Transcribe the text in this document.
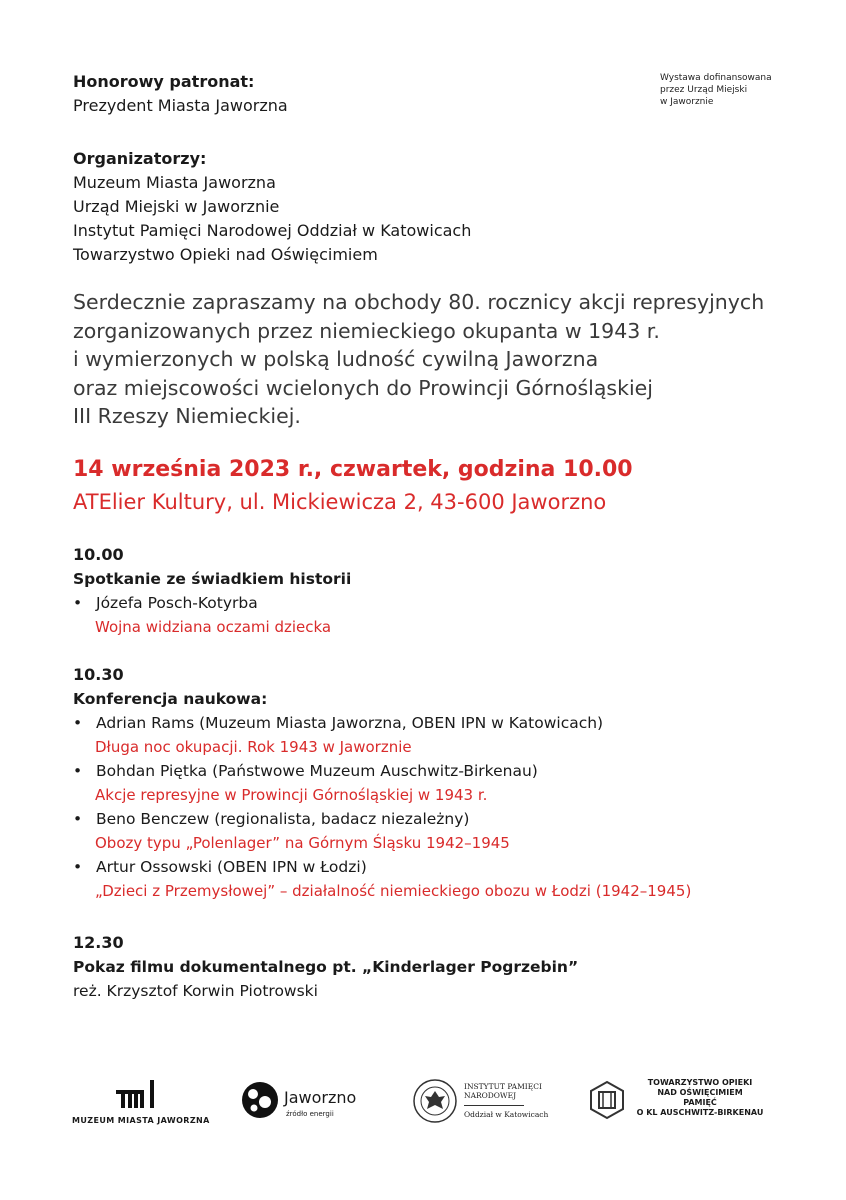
Honorowy patronat:
Prezydent Miasta Jaworzna
Wystawa dofinansowana
przez Urząd Miejski
w Jaworznie
Organizatorzy:
Muzeum Miasta Jaworzna
Urząd Miejski w Jaworznie
Instytut Pamięci Narodowej Oddział w Katowicach
Towarzystwo Opieki nad Oświęcimiem
Serdecznie zapraszamy na obchody 80. rocznicy akcji represyjnych
zorganizowanych przez niemieckiego okupanta w 1943 r.
i wymierzonych w polską ludność cywilną Jaworzna
oraz miejscowości wcielonych do Prowincji Górnośląskiej
III Rzeszy Niemieckiej.
14 września 2023 r., czwartek, godzina 10.00
ATElier Kultury, ul. Mickiewicza 2, 43-600 Jaworzno
10.00
Spotkanie ze świadkiem historii
• Józefa Posch-Kotyrba
Wojna widziana oczami dziecka
10.30
Konferencja naukowa:
• Adrian Rams (Muzeum Miasta Jaworzna, OBEN IPN w Katowicach)
Długa noc okupacji. Rok 1943 w Jaworznie
• Bohdan Piętka (Państwowe Muzeum Auschwitz-Birkenau)
Akcje represyjne w Prowincji Górnośląskiej w 1943 r.
• Beno Benczew (regionalista, badacz niezależny)
Obozy typu „Polenlager” na Górnym Śląsku 1942–1945
• Artur Ossowski (OBEN IPN w Łodzi)
„Dzieci z Przemysłowej” – działalność niemieckiego obozu w Łodzi (1942–1945)
12.30
Pokaz filmu dokumentalnego pt. „Kinderlager Pogrzebin”
reż. Krzysztof Korwin Piotrowski
MUZEUM MIASTA JAWORZNA
Jaworzno
źródło energii
INSTYTUT PAMIĘCI
NARODOWEJ
Oddział w Katowicach
TOWARZYSTWO OPIEKI
NAD OŚWIĘCIMIEM
PAMIĘĆ
O KL AUSCHWITZ-BIRKENAU
